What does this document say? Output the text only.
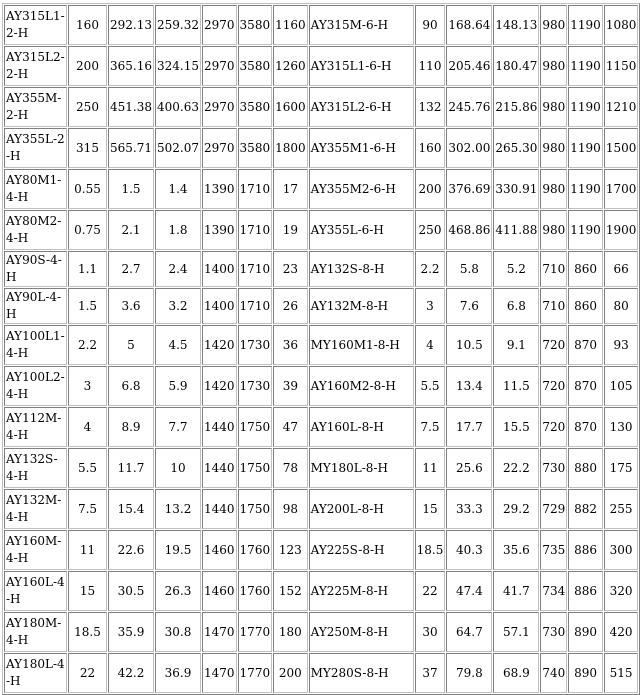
AY315L1-2-H	160	292.13	259.32	2970	3580	1160	AY315M-6-H	90	168.64	148.13	980	1190	1080
AY315L2-2-H	200	365.16	324.15	2970	3580	1260	AY315L1-6-H	110	205.46	180.47	980	1190	1150
AY355M-2-H	250	451.38	400.63	2970	3580	1600	AY315L2-6-H	132	245.76	215.86	980	1190	1210
AY355L-2-H	315	565.71	502.07	2970	3580	1800	AY355M1-6-H	160	302.00	265.30	980	1190	1500
AY80M1-4-H	0.55	1.5	1.4	1390	1710	17	AY355M2-6-H	200	376.69	330.91	980	1190	1700
AY80M2-4-H	0.75	2.1	1.8	1390	1710	19	AY355L-6-H	250	468.86	411.88	980	1190	1900
AY90S-4-H	1.1	2.7	2.4	1400	1710	23	AY132S-8-H	2.2	5.8	5.2	710	860	66
AY90L-4-H	1.5	3.6	3.2	1400	1710	26	AY132M-8-H	3	7.6	6.8	710	860	80
AY100L1-4-H	2.2	5	4.5	1420	1730	36	MY160M1-8-H	4	10.5	9.1	720	870	93
AY100L2-4-H	3	6.8	5.9	1420	1730	39	AY160M2-8-H	5.5	13.4	11.5	720	870	105
AY112M-4-H	4	8.9	7.7	1440	1750	47	AY160L-8-H	7.5	17.7	15.5	720	870	130
AY132S-4-H	5.5	11.7	10	1440	1750	78	MY180L-8-H	11	25.6	22.2	730	880	175
AY132M-4-H	7.5	15.4	13.2	1440	1750	98	AY200L-8-H	15	33.3	29.2	729	882	255
AY160M-4-H	11	22.6	19.5	1460	1760	123	AY225S-8-H	18.5	40.3	35.6	735	886	300
AY160L-4-H	15	30.5	26.3	1460	1760	152	AY225M-8-H	22	47.4	41.7	734	886	320
AY180M-4-H	18.5	35.9	30.8	1470	1770	180	AY250M-8-H	30	64.7	57.1	730	890	420
AY180L-4-H	22	42.2	36.9	1470	1770	200	MY280S-8-H	37	79.8	68.9	740	890	515
